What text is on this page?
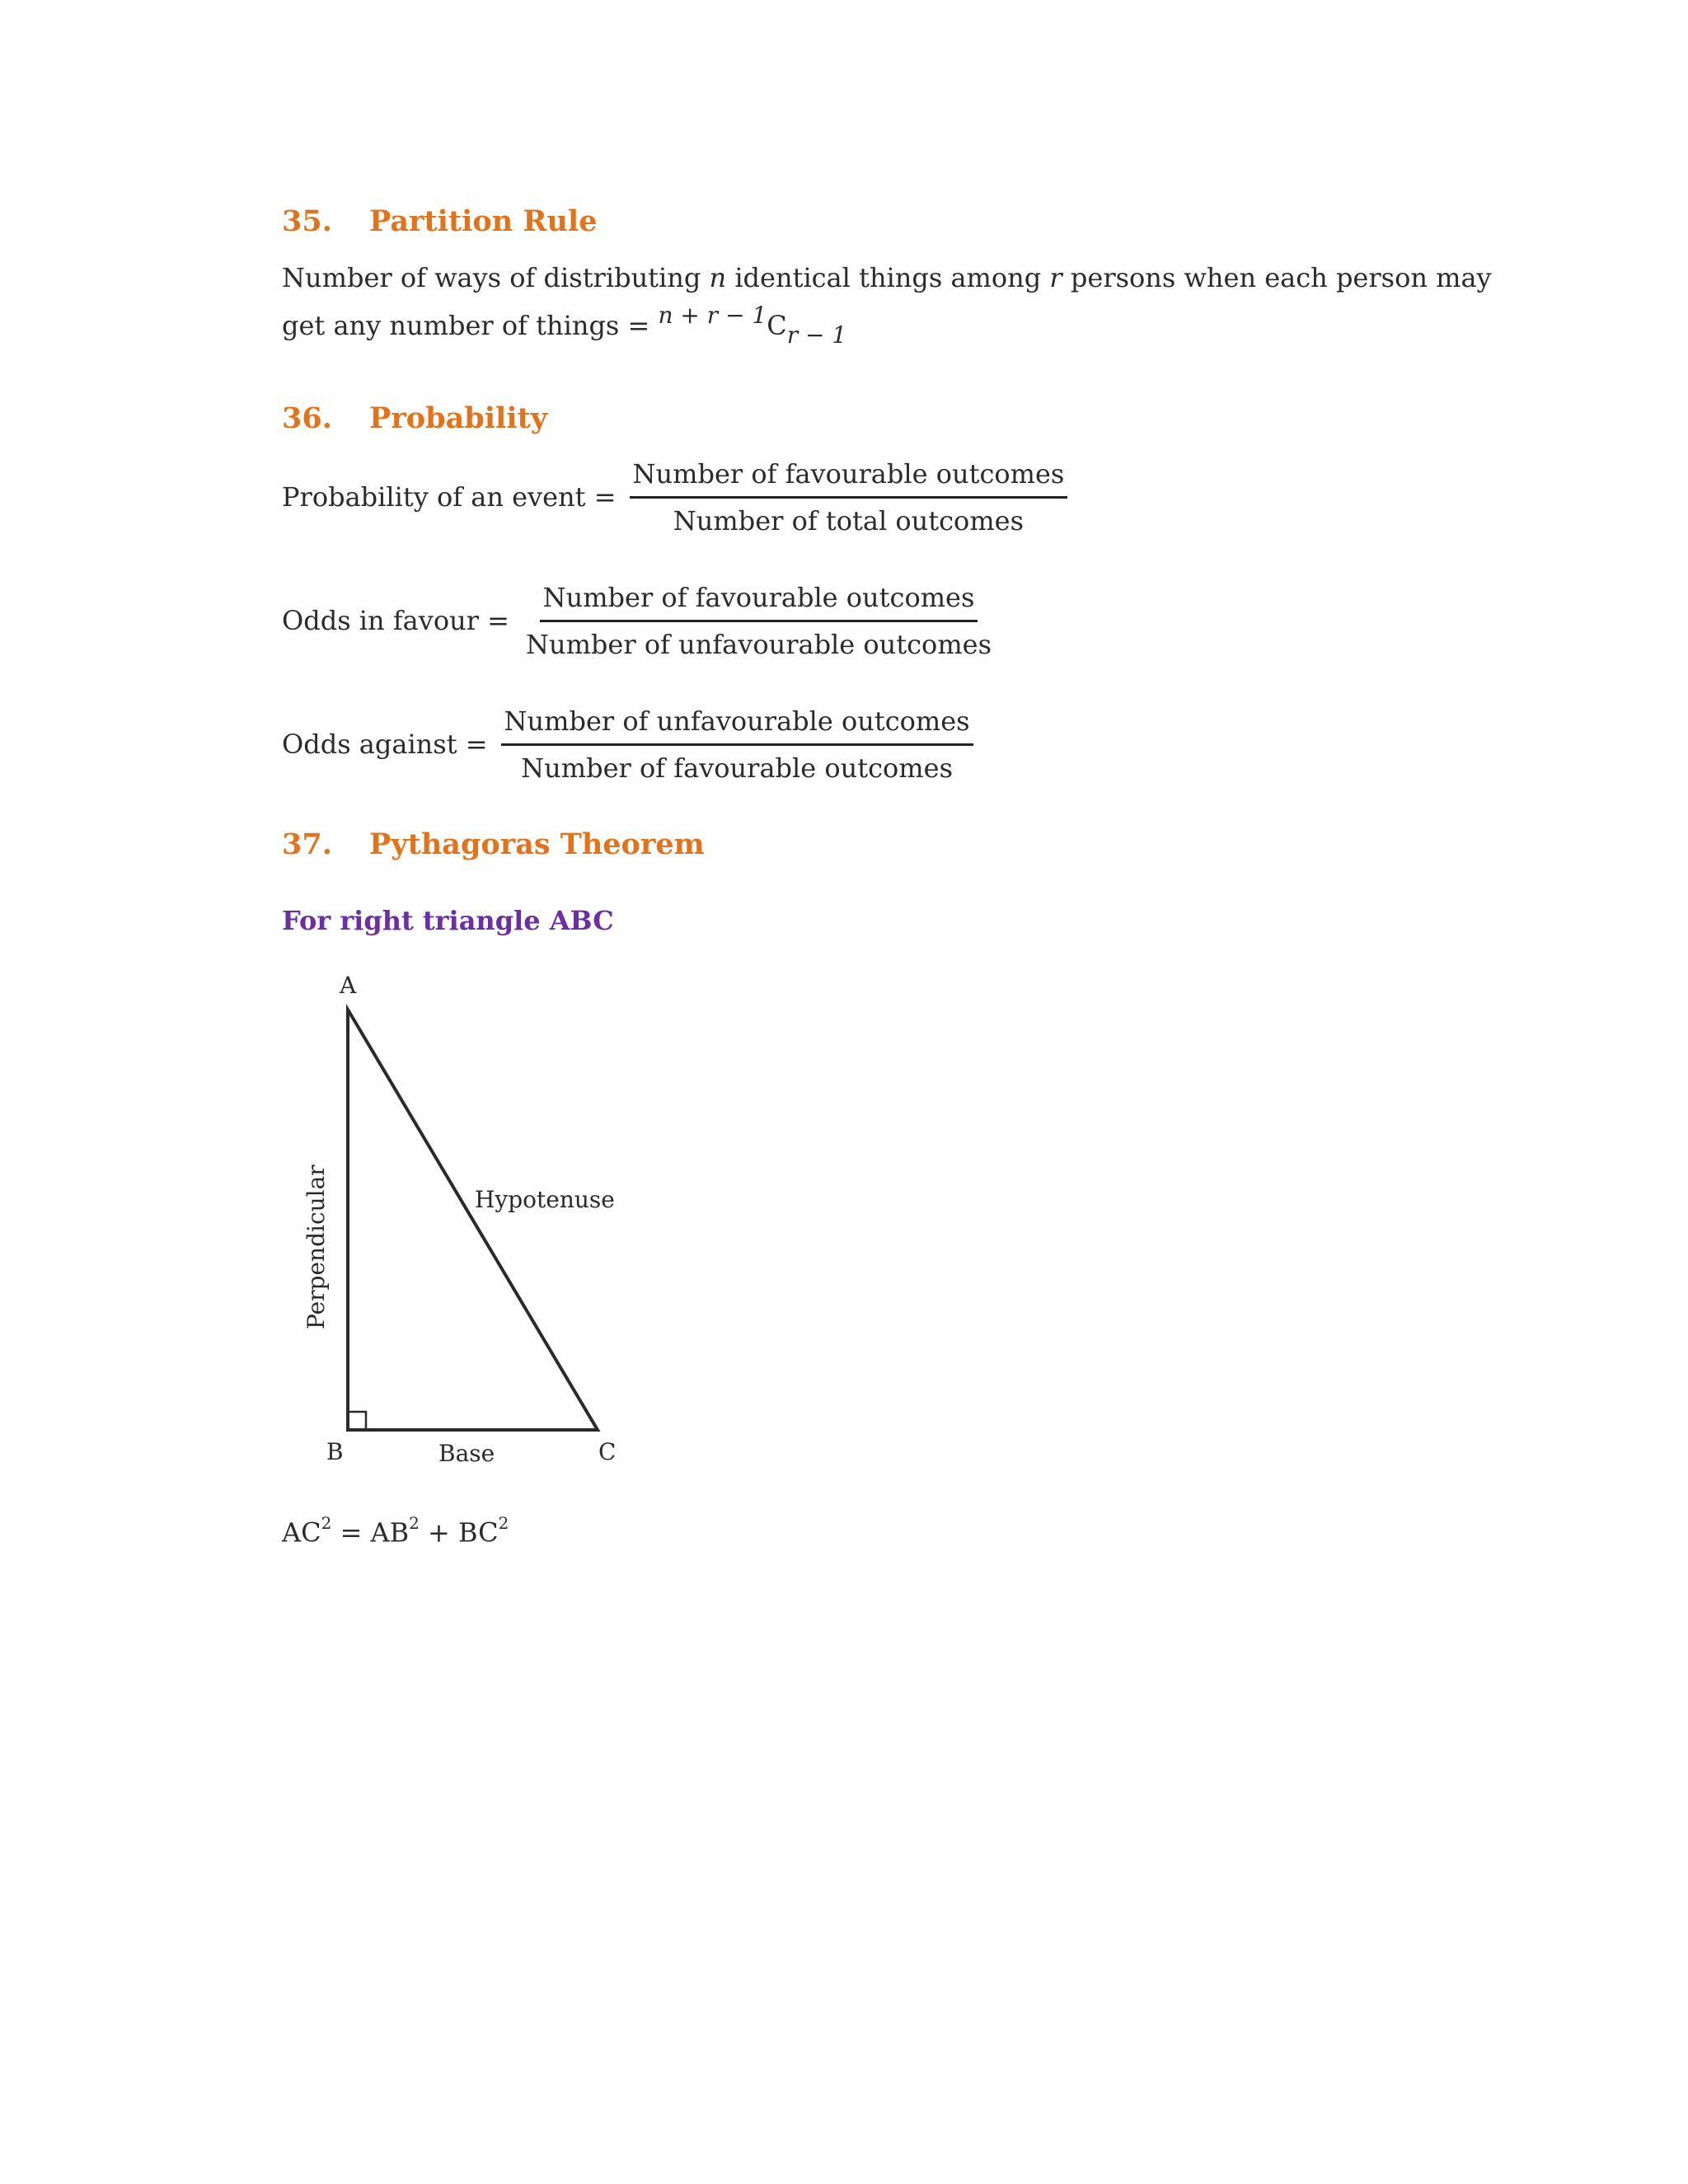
35. Partition Rule
Number of ways of distributing n identical things among r persons when each person may
get any number of things = n + r − 1Cr − 1
36. Probability
Probability of an event = $\frac{\text{Number of favourable outcomes}}{\text{Number of total outcomes}}$
Odds in favour = $\frac{\text{Number of favourable outcomes}}{\text{Number of unfavourable outcomes}}$
Odds against = $\frac{\text{Number of unfavourable outcomes}}{\text{Number of favourable outcomes}}$
37. Pythagoras Theorem
For right triangle ABC
A
B	C
Base
Hypotenuse
Perpendicular
$AC^2 = AB^2 + BC^2$
